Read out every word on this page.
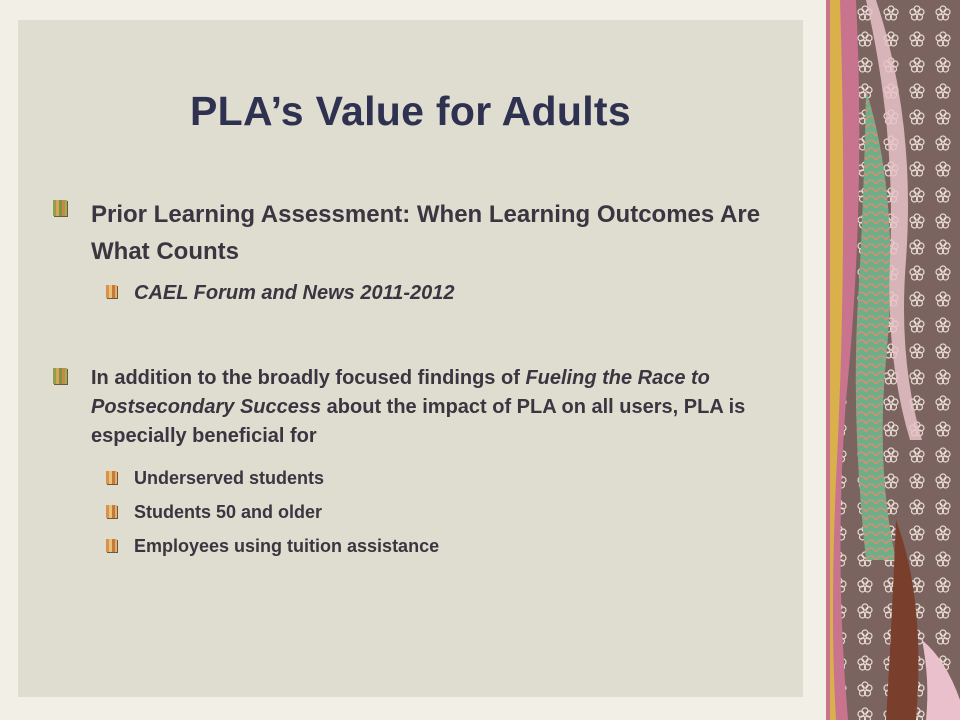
PLA’s Value for Adults
Prior Learning Assessment: When Learning Outcomes Are What Counts
CAEL Forum and News 2011-2012
In addition to the broadly focused findings of Fueling the Race to Postsecondary Success about the impact of PLA on all users, PLA is especially beneficial for
Underserved students
Students 50 and older
Employees using tuition assistance
